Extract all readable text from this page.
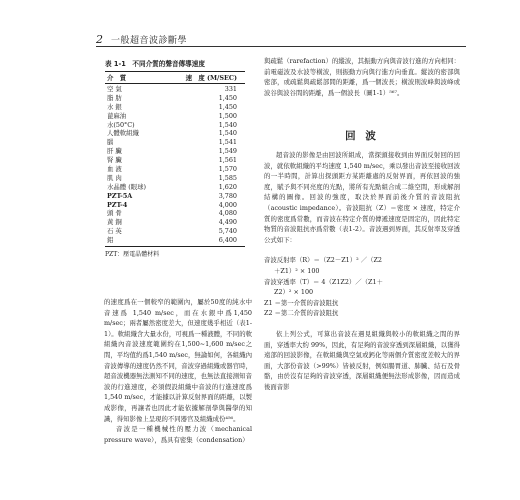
2 一般超音波診斷學
表 1-1　不同介質的聲音傳導速度
介　質	速　度 (M/SEC)
空 氣	331
脂 肪	1,450
水 銀	1,450
蓖麻油	1,500
水(50°C)	1,540
人體軟組織	1,540
腦	1,541
肝 臟	1,549
腎 臟	1,561
血 液	1,570
肌 肉	1,585
水晶體 (眼球)	1,620
PZT-5A	3,780
PZT-4	4,000
頭 骨	4,080
黃 銅	4,490
石 英	5,740
鋁	6,400
PZT：壓電晶體材料

的速度爲在一個較窄的範圍內，屬於50度的純水中音速爲 1,540 m/sec，而在水銀中爲1,450 m/sec；兩者屬然密度差大，但速度幾乎相近（表1-1）。軟組織含大量水份，可視爲一種液體，不同的軟組織內音波速度範圍約在1,500~1,600 m/sec之間，平均值約爲1,540 m/sec，無論如何，各組織內音波傳導的速度仍然不同，音波穿過組織或器官時，超音波機器無法測知不同的速度，也無法直接測知音波的行進速度，必須假設組織中音波的行進速度爲1,540 m/sec，才能據以計算反射界面的距離，以製成影像，再讓者也因此才能依據解剖學與醫學的知識，得知影像上呈現的不同器官及組織成份⁴⁵⁶。

音波是一種機械性的壓力波（mechanical pressure wave），爲具有密集（condensation）

與疏鬆（rarefaction）的縱波，其振動方向與音波行進的方向相同：前電磁波及水波等橫波，則振動方向與行進方向垂直。縱波的密部與密部，或疏鬆與疏鬆部間的距離，爲一個波長；橫波則波峰與波峰或波谷與波谷間的距離，爲一個波長（圖1-1）⁵⁶⁷。

回 波

超音波的影像是由回波所組成，當探頭接收到由界面反射回的回波，就依軟組織的平均速度 1,540 m/sec，乘以發出音波至接收回波的一半時間，計算出探頭距方某距離處的反射界面，再依回波的強度，賦予與不同亮度的光點，將所有光點組合成二維空間，形成解剖結構的圖像。回波的強度，取決於界面前後介質的音波阻抗（acoustic impedance）。音波阻抗（Z）＝密度 × 速度，特定介質的密度爲常數，而音波在特定介質的傳遞速度是固定的，因此特定物質的音波阻抗亦爲常數（表1-2）。音波遇到界面，其反射率及穿透公式如下：

音波反射率（R）＝（Z2－Z1）² ／（Z2

＋Z1）² × 100

音波穿透率（T）＝ 4（Z1Z2）／（Z1＋

Z2）² × 100

Z1 ＝第一介質的音波阻抗

Z2 ＝第二介質的音波阻抗

依上列公式，可算出音波在遇見組織與較小的軟組織之間的界面，穿透率大約 99%，因此，有足夠的音波穿透到深層組織，以獲得遠部的回波影像，在軟組織與空氣或鈣化等兩個介質密度差較大的界面，大部份音波（>99%）皆被反射，例如腸胃道、肺臟、結石及骨骼，由於沒有足夠的音波穿透，深層組織便無法形成影像，因而造成後面音影
